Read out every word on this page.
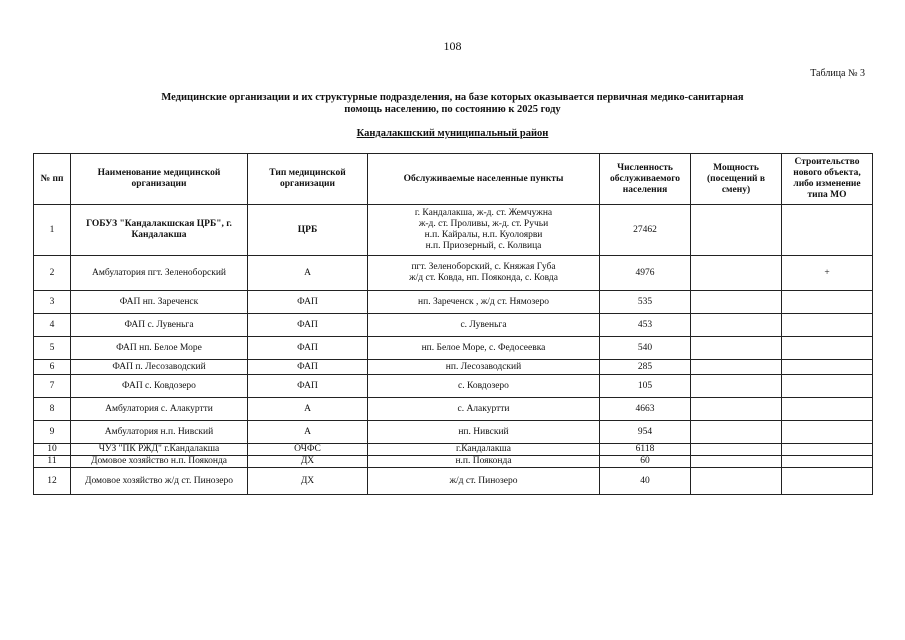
108
Таблица № 3
Медицинские организации и их структурные подразделения, на базе которых оказывается первичная медико-санитарная помощь населению, по состоянию к 2025 году
Кандалакшский муниципальный район
№ пп	Наименование медицинской организации	Тип медицинской организации	Обслуживаемые населенные пункты	Численность обслуживаемого населения	Мощность (посещений в смену)	Строительство нового объекта, либо изменение типа МО
1	ГОБУЗ "Кандалакшская ЦРБ", г. Кандалакша	ЦРБ	г. Кандалакша, ж-д. ст. Жемчужна
ж-д. ст. Проливы, ж-д. ст. Ручьи
н.п. Кайралы, н.п. Куолоярви
н.п. Приозерный, с. Колвица	27462		
2	Амбулатория пгт. Зеленоборский	А	пгт. Зеленоборский, с. Княжая Губа
ж/д ст. Ковда, нп. Пояконда, с. Ковда	4976		+
3	ФАП нп. Зареченск	ФАП	нп. Зареченск , ж/д ст. Нямозеро	535		
4	ФАП с. Лувеньга	ФАП	с. Лувеньга	453		
5	ФАП нп. Белое Море	ФАП	нп. Белое Море, с. Федосеевка	540		
6	ФАП п. Лесозаводский	ФАП	нп. Лесозаводский	285		
7	ФАП с. Ковдозеро	ФАП	с. Ковдозеро	105		
8	Амбулатория с. Алакуртти	А	с. Алакуртти	4663		
9	Амбулатория н.п. Нивский	А	нп. Нивский	954		
10	ЧУЗ "ПК РЖД" г.Кандалакша	ОЧФС	г.Кандалакша	6118		
11	Домовое хозяйство н.п. Пояконда	ДХ	н.п. Пояконда	60		
12	Домовое хозяйство ж/д ст. Пинозеро	ДХ	ж/д ст. Пинозеро	40		
